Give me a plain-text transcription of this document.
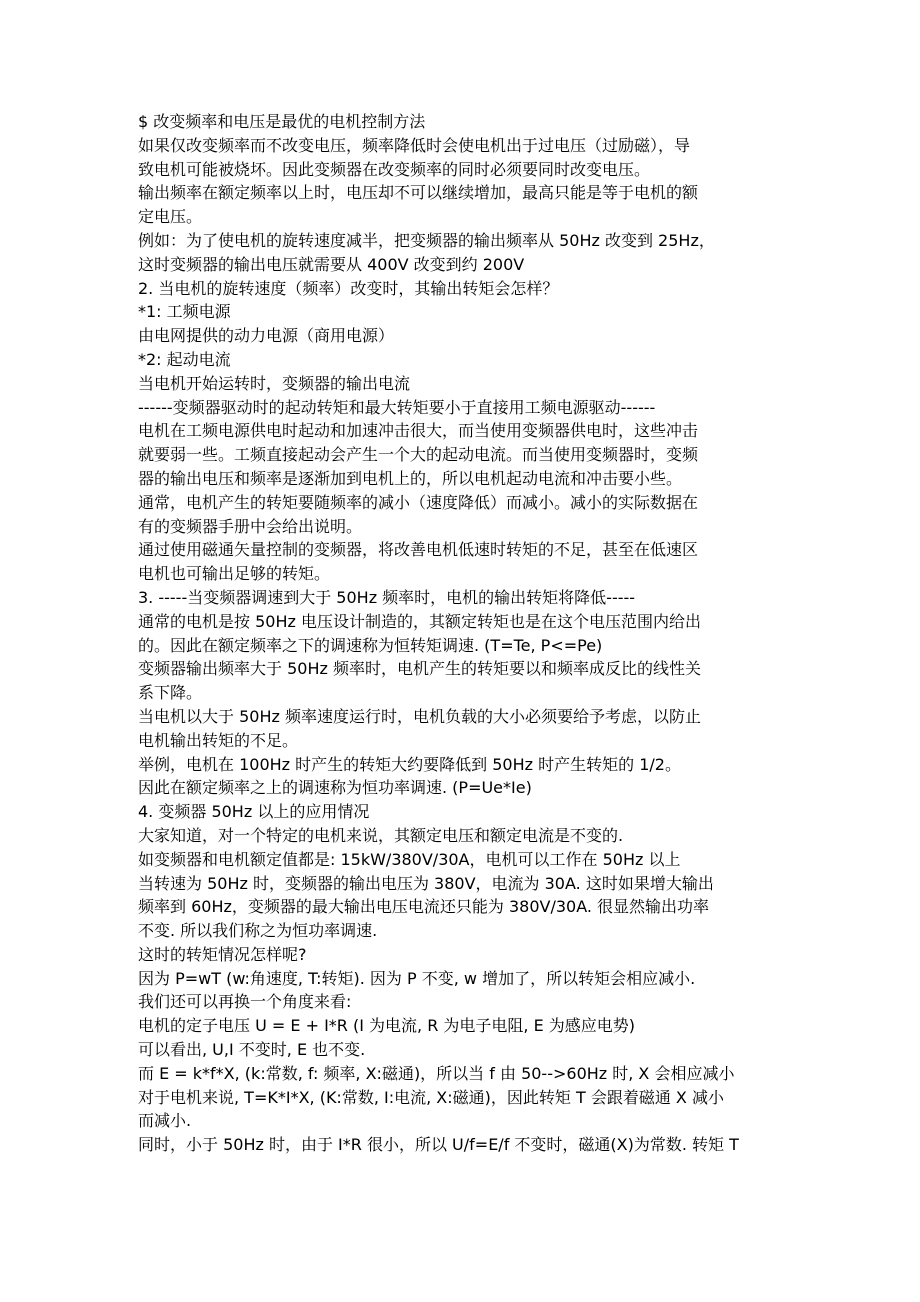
$ 改变频率和电压是最优的电机控制方法
如果仅改变频率而不改变电压，频率降低时会使电机出于过电压（过励磁），导
致电机可能被烧坏。因此变频器在改变频率的同时必须要同时改变电压。
输出频率在额定频率以上时，电压却不可以继续增加，最高只能是等于电机的额
定电压。
例如：为了使电机的旋转速度减半，把变频器的输出频率从 50Hz 改变到 25Hz，
这时变频器的输出电压就需要从 400V 改变到约 200V
2. 当电机的旋转速度（频率）改变时，其输出转矩会怎样？
*1: 工频电源
由电网提供的动力电源（商用电源）
*2: 起动电流
当电机开始运转时，变频器的输出电流
------变频器驱动时的起动转矩和最大转矩要小于直接用工频电源驱动------
电机在工频电源供电时起动和加速冲击很大，而当使用变频器供电时，这些冲击
就要弱一些。工频直接起动会产生一个大的起动电流。而当使用变频器时，变频
器的输出电压和频率是逐渐加到电机上的，所以电机起动电流和冲击要小些。
通常，电机产生的转矩要随频率的减小（速度降低）而减小。减小的实际数据在
有的变频器手册中会给出说明。
通过使用磁通矢量控制的变频器，将改善电机低速时转矩的不足，甚至在低速区
电机也可输出足够的转矩。
3. -----当变频器调速到大于 50Hz 频率时，电机的输出转矩将降低-----
通常的电机是按 50Hz 电压设计制造的，其额定转矩也是在这个电压范围内给出
的。因此在额定频率之下的调速称为恒转矩调速. (T=Te, P<=Pe)
变频器输出频率大于 50Hz 频率时，电机产生的转矩要以和频率成反比的线性关
系下降。
当电机以大于 50Hz 频率速度运行时，电机负载的大小必须要给予考虑，以防止
电机输出转矩的不足。
举例，电机在 100Hz 时产生的转矩大约要降低到 50Hz 时产生转矩的 1/2。
因此在额定频率之上的调速称为恒功率调速. (P=Ue*Ie)
4. 变频器 50Hz 以上的应用情况
大家知道，对一个特定的电机来说，其额定电压和额定电流是不变的.
如变频器和电机额定值都是: 15kW/380V/30A，电机可以工作在 50Hz 以上
当转速为 50Hz 时，变频器的输出电压为 380V，电流为 30A. 这时如果增大输出
频率到 60Hz，变频器的最大输出电压电流还只能为 380V/30A. 很显然输出功率
不变. 所以我们称之为恒功率调速.
这时的转矩情况怎样呢?
因为 P=wT (w:角速度, T:转矩). 因为 P 不变, w 增加了，所以转矩会相应减小.
我们还可以再换一个角度来看:
电机的定子电压 U = E + I*R (I 为电流, R 为电子电阻, E 为感应电势)
可以看出, U,I 不变时, E 也不变.
而 E = k*f*X, (k:常数, f: 频率, X:磁通)，所以当 f 由 50-->60Hz 时, X 会相应减小
对于电机来说, T=K*I*X, (K:常数, I:电流, X:磁通)，因此转矩 T 会跟着磁通 X 减小
而减小.
同时，小于 50Hz 时，由于 I*R 很小，所以 U/f=E/f 不变时，磁通(X)为常数. 转矩 T
